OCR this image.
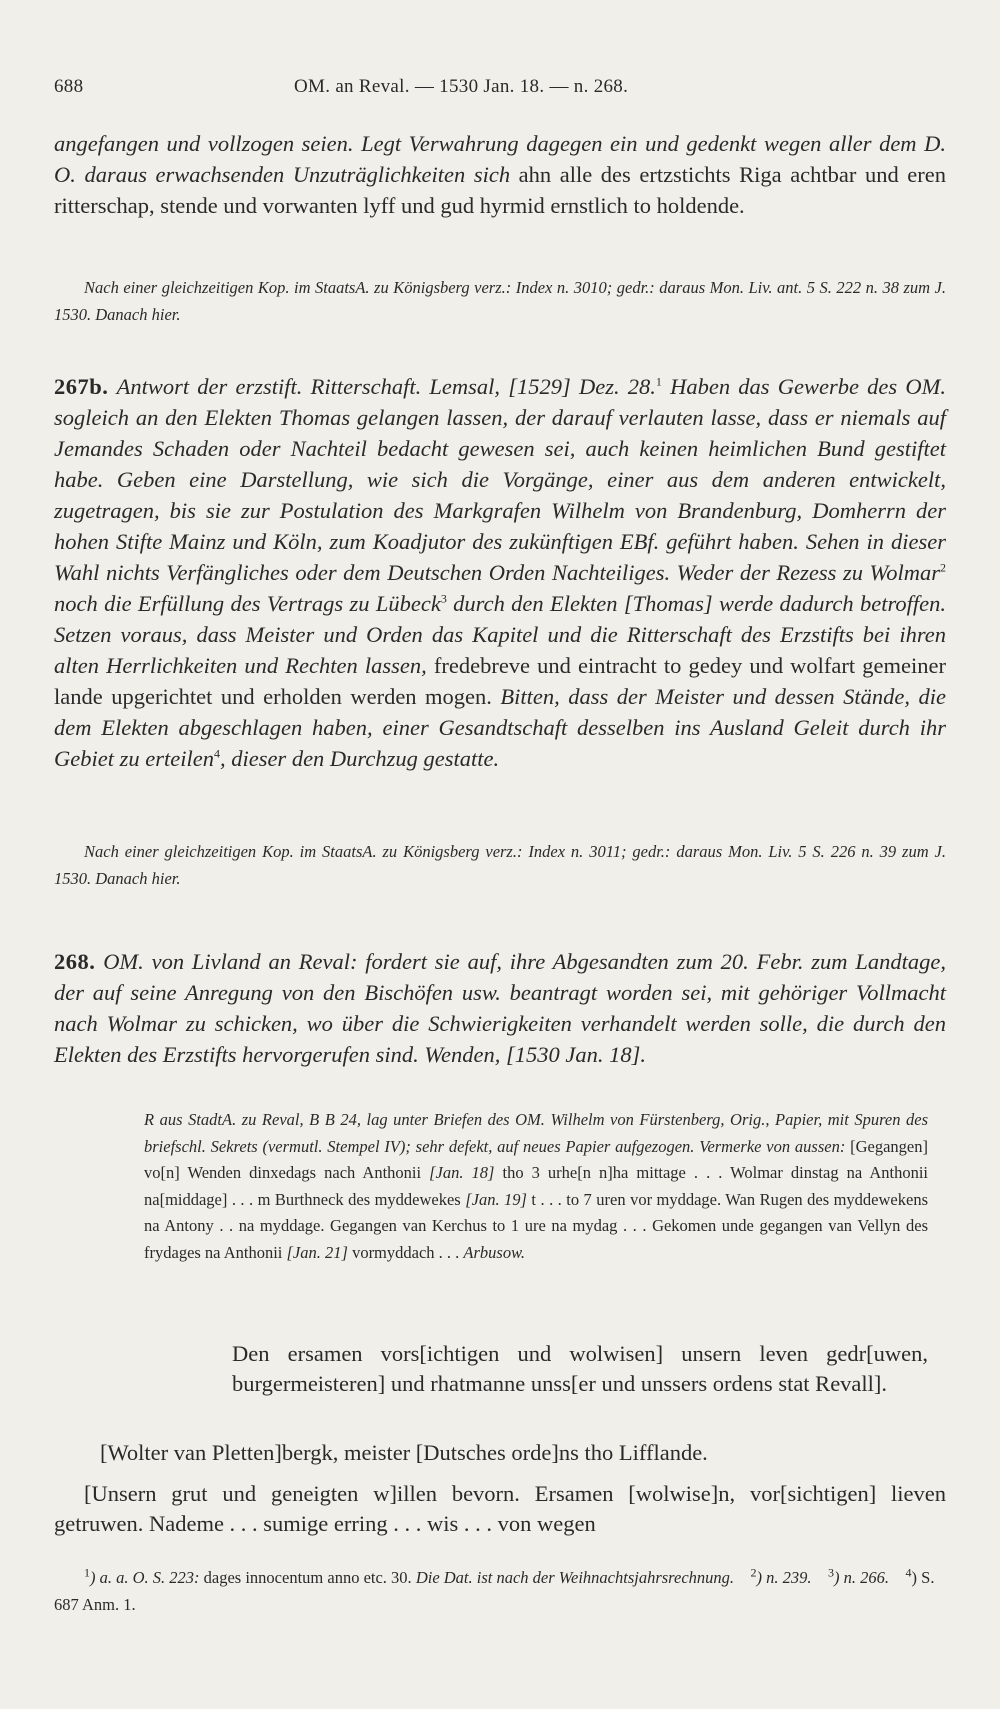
688	OM. an Reval. — 1530 Jan. 18. — n. 268.

angefangen und vollzogen seien. Legt Verwahrung dagegen ein und gedenkt wegen aller dem D. O. daraus erwachsenden Unzuträglichkeiten sich ahn alle des ertzstichts Riga achtbar und eren ritterschap, stende und vorwanten lyff und gud hyrmid ernstlich to holdende.

Nach einer gleichzeitigen Kop. im StaatsA. zu Königsberg verz.: Index n. 3010; gedr.: daraus Mon. Liv. ant. 5 S. 222 n. 38 zum J. 1530. Danach hier.

267b. Antwort der erzstift. Ritterschaft. Lemsal, [1529] Dez. 28.$^1$ Haben das Gewerbe des OM. sogleich an den Elekten Thomas gelangen lassen, der darauf verlauten lasse, dass er niemals auf Jemandes Schaden oder Nachteil bedacht gewesen sei, auch keinen heimlichen Bund gestiftet habe. Geben eine Darstellung, wie sich die Vorgänge, einer aus dem anderen entwickelt, zugetragen, bis sie zur Postulation des Markgrafen Wilhelm von Brandenburg, Domherrn der hohen Stifte Mainz und Köln, zum Koadjutor des zukünftigen EBf. geführt haben. Sehen in dieser Wahl nichts Verfängliches oder dem Deutschen Orden Nachteiliges. Weder der Rezess zu Wolmar$^2$ noch die Erfüllung des Vertrags zu Lübeck$^3$ durch den Elekten [Thomas] werde dadurch betroffen. Setzen voraus, dass Meister und Orden das Kapitel und die Ritterschaft des Erzstifts bei ihren alten Herrlichkeiten und Rechten lassen, fredebreve und eintracht to gedey und wolfart gemeiner lande upgerichtet und erholden werden mogen. Bitten, dass der Meister und dessen Stände, die dem Elekten abgeschlagen haben, einer Gesandtschaft desselben ins Ausland Geleit durch ihr Gebiet zu erteilen$^4$, dieser den Durchzug gestatte.

Nach einer gleichzeitigen Kop. im StaatsA. zu Königsberg verz.: Index n. 3011; gedr.: daraus Mon. Liv. 5 S. 226 n. 39 zum J. 1530. Danach hier.

268. OM. von Livland an Reval: fordert sie auf, ihre Abgesandten zum 20. Febr. zum Landtage, der auf seine Anregung von den Bischöfen usw. beantragt worden sei, mit gehöriger Vollmacht nach Wolmar zu schicken, wo über die Schwierigkeiten verhandelt werden solle, die durch den Elekten des Erzstifts hervorgerufen sind. Wenden, [1530 Jan. 18].

R aus StadtA. zu Reval, B B 24, lag unter Briefen des OM. Wilhelm von Fürstenberg, Orig., Papier, mit Spuren des briefschl. Sekrets (vermutl. Stempel IV); sehr defekt, auf neues Papier aufgezogen. Vermerke von aussen: [Gegangen] vo[n] Wenden dinxedags nach Anthonii [Jan. 18] tho 3 urhe[n n]ha mittage . . . Wolmar dinstag na Anthonii na[middage] . . . m Burthneck des myddewekes [Jan. 19] t . . . to 7 uren vor myddage. Wan Rugen des myddewekens na Antony . . na myddage. Gegangen van Kerchus to 1 ure na mydag . . . Gekomen unde gegangen van Vellyn des frydages na Anthonii [Jan. 21] vormyddach . . . Arbusow.

Den ersamen vors[ichtigen und wolwisen] unsern leven gedr[uwen, burgermeisteren] und rhatmanne unss[er und unssers ordens stat Revall].

[Wolter van Pletten]bergk, meister [Dutsches orde]ns tho Lifflande.

[Unsern grut und geneigten w]illen bevorn. Ersamen [wolwise]n, vor[sichtigen] lieven getruwen. Nademe . . . sumige erring . . . wis . . . von wegen

$^1$) a. a. O. S. 223: dages innocentum anno etc. 30. Die Dat. ist nach der Weihnachtsjahrsrechnung. $^2$) n. 239. $^3$) n. 266. $^4$) S. 687 Anm. 1.
